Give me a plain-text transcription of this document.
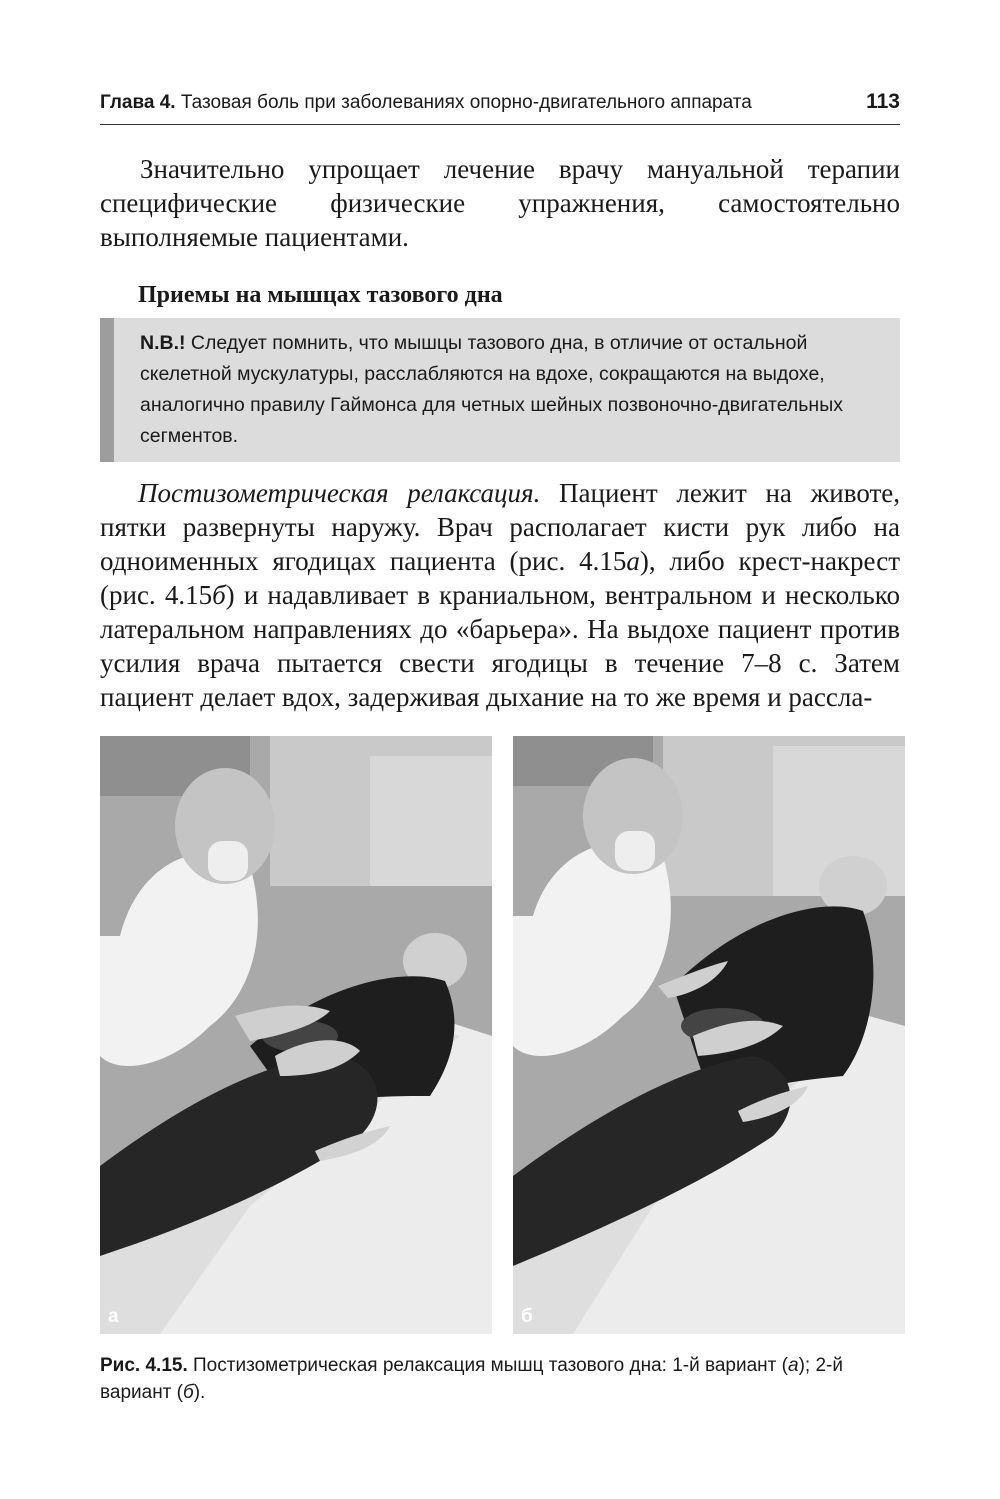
Глава 4. Тазовая боль при заболеваниях опорно-двигательного аппарата	113

Значительно упрощает лечение врачу мануальной терапии специфические физические упражнения, самостоятельно выполняемые пациентами.

Приемы на мышцах тазового дна

N.B.! Следует помнить, что мышцы тазового дна, в отличие от остальной скелетной мускулатуры, расслабляются на вдохе, сокращаются на выдохе, аналогично правилу Гаймонса для четных шейных позвоночно-двигательных сегментов.

Постизометрическая релаксация. Пациент лежит на животе, пятки развернуты наружу. Врач располагает кисти рук либо на одноименных ягодицах пациента (рис. 4.15а), либо крест-накрест (рис. 4.15б) и надавливает в краниальном, вентральном и несколько латеральном направлениях до «барьера». На выдохе пациент против усилия врача пытается свести ягодицы в течение 7–8 с. Затем пациент делает вдох, задерживая дыхание на то же время и расслa-

а	б

Рис. 4.15. Постизометрическая релаксация мышц тазового дна: 1-й вариант (а); 2-й вариант (б).
